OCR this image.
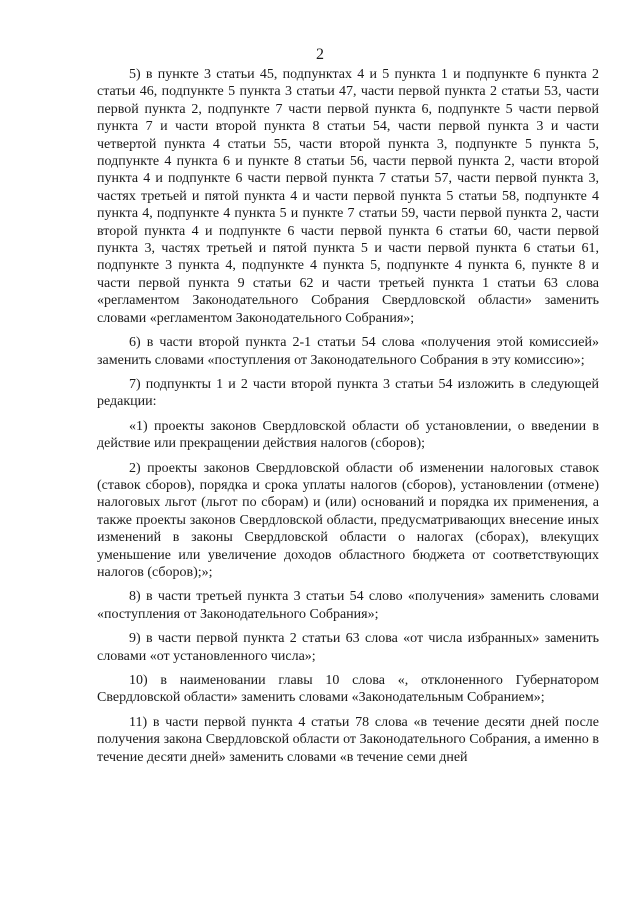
2

5) в пункте 3 статьи 45, подпунктах 4 и 5 пункта 1 и подпункте 6 пункта 2 статьи 46, подпункте 5 пункта 3 статьи 47, части первой пункта 2 статьи 53, части первой пункта 2, подпункте 7 части первой пункта 6, подпункте 5 части первой пункта 7 и части второй пункта 8 статьи 54, части первой пункта 3 и части четвертой пункта 4 статьи 55, части второй пункта 3, подпункте 5 пункта 5, подпункте 4 пункта 6 и пункте 8 статьи 56, части первой пункта 2, части второй пункта 4 и подпункте 6 части первой пункта 7 статьи 57, части первой пункта 3, частях третьей и пятой пункта 4 и части первой пункта 5 статьи 58, подпункте 4 пункта 4, подпункте 4 пункта 5 и пункте 7 статьи 59, части первой пункта 2, части второй пункта 4 и подпункте 6 части первой пункта 6 статьи 60, части первой пункта 3, частях третьей и пятой пункта 5 и части первой пункта 6 статьи 61, подпункте 3 пункта 4, подпункте 4 пункта 5, подпункте 4 пункта 6, пункте 8 и части первой пункта 9 статьи 62 и части третьей пункта 1 статьи 63 слова «регламентом Законодательного Собрания Свердловской области» заменить словами «регламентом Законодательного Собрания»;

6) в части второй пункта 2-1 статьи 54 слова «получения этой комиссией» заменить словами «поступления от Законодательного Собрания в эту комиссию»;

7) подпункты 1 и 2 части второй пункта 3 статьи 54 изложить в следующей редакции:

«1) проекты законов Свердловской области об установлении, о введении в действие или прекращении действия налогов (сборов);

2) проекты законов Свердловской области об изменении налоговых ставок (ставок сборов), порядка и срока уплаты налогов (сборов), установлении (отмене) налоговых льгот (льгот по сборам) и (или) оснований и порядка их применения, а также проекты законов Свердловской области, предусматривающих внесение иных изменений в законы Свердловской области о налогах (сборах), влекущих уменьшение или увеличение доходов областного бюджета от соответствующих налогов (сборов);»;

8) в части третьей пункта 3 статьи 54 слово «получения» заменить словами «поступления от Законодательного Собрания»;

9) в части первой пункта 2 статьи 63 слова «от числа избранных» заменить словами «от установленного числа»;

10) в наименовании главы 10 слова «, отклоненного Губернатором Свердловской области» заменить словами «Законодательным Собранием»;

11) в части первой пункта 4 статьи 78 слова «в течение десяти дней после получения закона Свердловской области от Законодательного Собрания, а именно в течение десяти дней» заменить словами «в течение семи дней
